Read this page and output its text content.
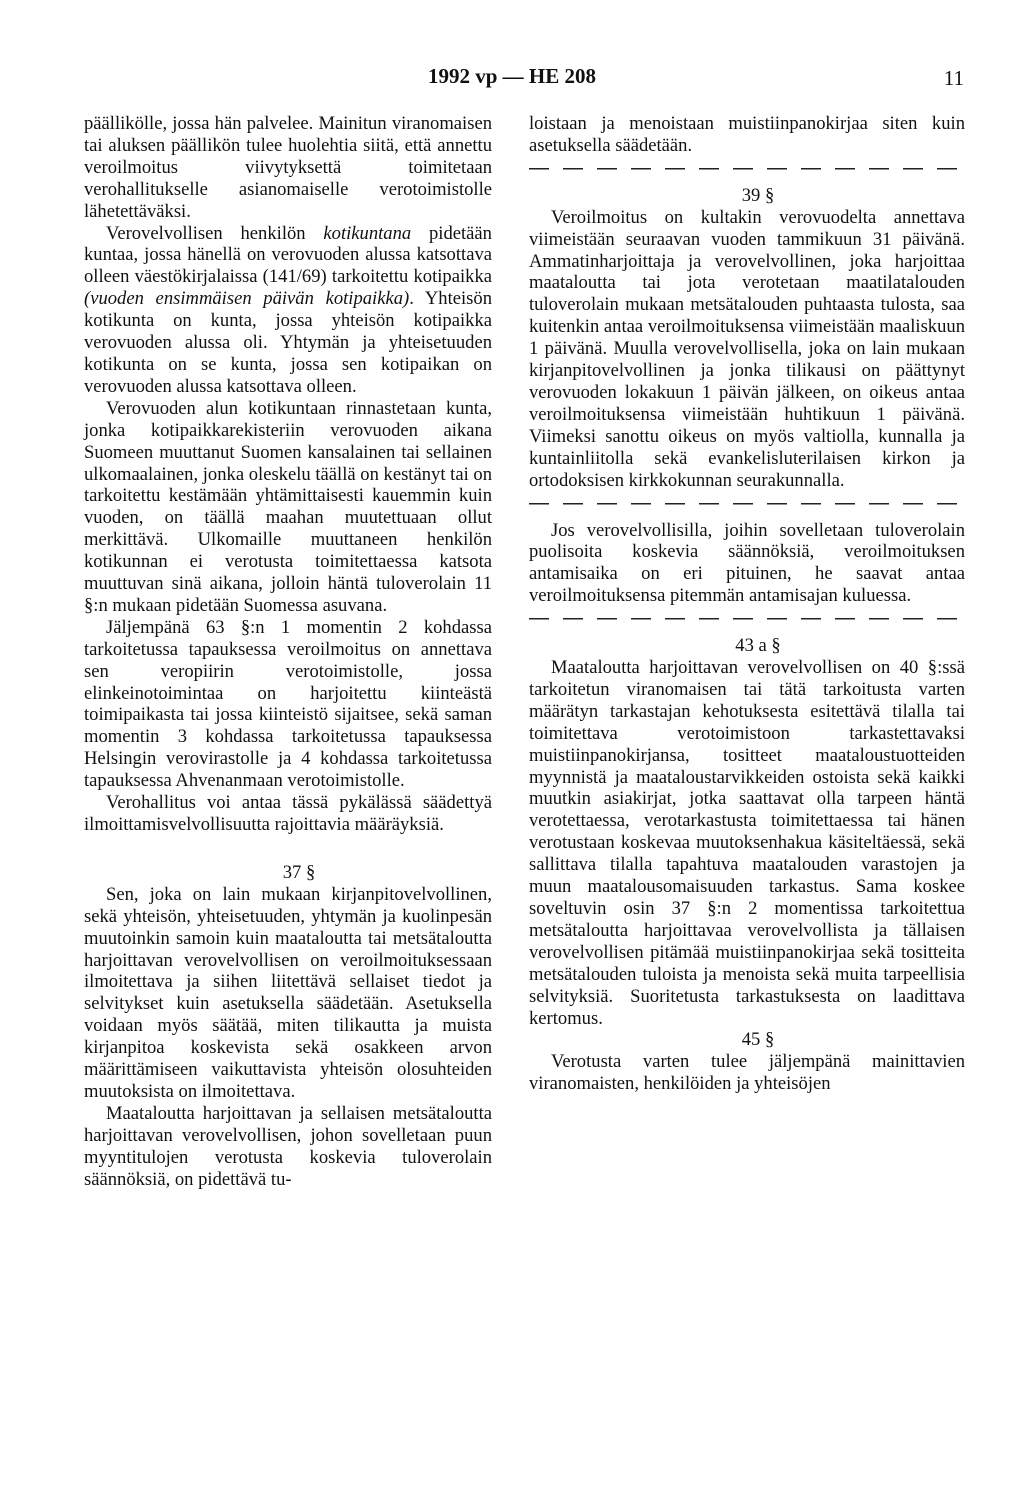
1992 vp — HE 208	11

päällikölle, jossa hän palvelee. Mainitun viranomaisen tai aluksen päällikön tulee huolehtia siitä, että annettu veroilmoitus viivytyksettä toimitetaan verohallitukselle asianomaiselle verotoimistolle lähetettäväksi.

Verovelvollisen henkilön kotikuntana pidetään kuntaa, jossa hänellä on verovuoden alussa katsottava olleen väestökirjalaissa (141/69) tarkoitettu kotipaikka (vuoden ensimmäisen päivän kotipaikka). Yhteisön kotikunta on kunta, jossa yhteisön kotipaikka verovuoden alussa oli. Yhtymän ja yhteisetuuden kotikunta on se kunta, jossa sen kotipaikan on verovuoden alussa katsottava olleen.

Verovuoden alun kotikuntaan rinnastetaan kunta, jonka kotipaikkarekisteriin verovuoden aikana Suomeen muuttanut Suomen kansalainen tai sellainen ulkomaalainen, jonka oleskelu täällä on kestänyt tai on tarkoitettu kestämään yhtämittaisesti kauemmin kuin vuoden, on täällä maahan muutettuaan ollut merkittävä. Ulkomaille muuttaneen henkilön kotikunnan ei verotusta toimitettaessa katsota muuttuvan sinä aikana, jolloin häntä tuloverolain 11 §:n mukaan pidetään Suomessa asuvana.

Jäljempänä 63 §:n 1 momentin 2 kohdassa tarkoitetussa tapauksessa veroilmoitus on annettava sen veropiirin verotoimistolle, jossa elinkeinotoimintaa on harjoitettu kiinteästä toimipaikasta tai jossa kiinteistö sijaitsee, sekä saman momentin 3 kohdassa tarkoitetussa tapauksessa Helsingin verovirastolle ja 4 kohdassa tarkoitetussa tapauksessa Ahvenanmaan verotoimistolle.

Verohallitus voi antaa tässä pykälässä säädettyä ilmoittamisvelvollisuutta rajoittavia määräyksiä.

37 §

Sen, joka on lain mukaan kirjanpitovelvollinen, sekä yhteisön, yhteisetuuden, yhtymän ja kuolinpesän muutoinkin samoin kuin maataloutta tai metsätaloutta harjoittavan verovelvollisen on veroilmoituksessaan ilmoitettava ja siihen liitettävä sellaiset tiedot ja selvitykset kuin asetuksella säädetään. Asetuksella voidaan myös säätää, miten tilikautta ja muista kirjanpitoa koskevista sekä osakkeen arvon määrittämiseen vaikuttavista yhteisön olosuhteiden muutoksista on ilmoitettava.

Maataloutta harjoittavan ja sellaisen metsätaloutta harjoittavan verovelvollisen, johon sovelletaan puun myyntitulojen verotusta koskevia tuloverolain säännöksiä, on pidettävä tu-

loistaan ja menoistaan muistiinpanokirjaa siten kuin asetuksella säädetään.

39 §

Veroilmoitus on kultakin verovuodelta annettava viimeistään seuraavan vuoden tammikuun 31 päivänä. Ammatinharjoittaja ja verovelvollinen, joka harjoittaa maataloutta tai jota verotetaan maatilatalouden tuloverolain mukaan metsätalouden puhtaasta tulosta, saa kuitenkin antaa veroilmoituksensa viimeistään maaliskuun 1 päivänä. Muulla verovelvollisella, joka on lain mukaan kirjanpitovelvollinen ja jonka tilikausi on päättynyt verovuoden lokakuun 1 päivän jälkeen, on oikeus antaa veroilmoituksensa viimeistään huhtikuun 1 päivänä. Viimeksi sanottu oikeus on myös valtiolla, kunnalla ja kuntainliitolla sekä evankelisluterilaisen kirkon ja ortodoksisen kirkkokunnan seurakunnalla.

Jos verovelvollisilla, joihin sovelletaan tuloverolain puolisoita koskevia säännöksiä, veroilmoituksen antamisaika on eri pituinen, he saavat antaa veroilmoituksensa pitemmän antamisajan kuluessa.

43 a §

Maataloutta harjoittavan verovelvollisen on 40 §:ssä tarkoitetun viranomaisen tai tätä tarkoitusta varten määrätyn tarkastajan kehotuksesta esitettävä tilalla tai toimitettava verotoimistoon tarkastettavaksi muistiinpanokirjansa, tositteet maataloustuotteiden myynnistä ja maataloustarvikkeiden ostoista sekä kaikki muutkin asiakirjat, jotka saattavat olla tarpeen häntä verotettaessa, verotarkastusta toimitettaessa tai hänen verotustaan koskevaa muutoksenhakua käsiteltäessä, sekä sallittava tilalla tapahtuva maatalouden varastojen ja muun maatalousomaisuuden tarkastus. Sama koskee soveltuvin osin 37 §:n 2 momentissa tarkoitettua metsätaloutta harjoittavaa verovelvollista ja tällaisen verovelvollisen pitämää muistiinpanokirjaa sekä tositteita metsätalouden tuloista ja menoista sekä muita tarpeellisia selvityksiä. Suoritetusta tarkastuksesta on laadittava kertomus.

45 §

Verotusta varten tulee jäljempänä mainittavien viranomaisten, henkilöiden ja yhteisöjen
